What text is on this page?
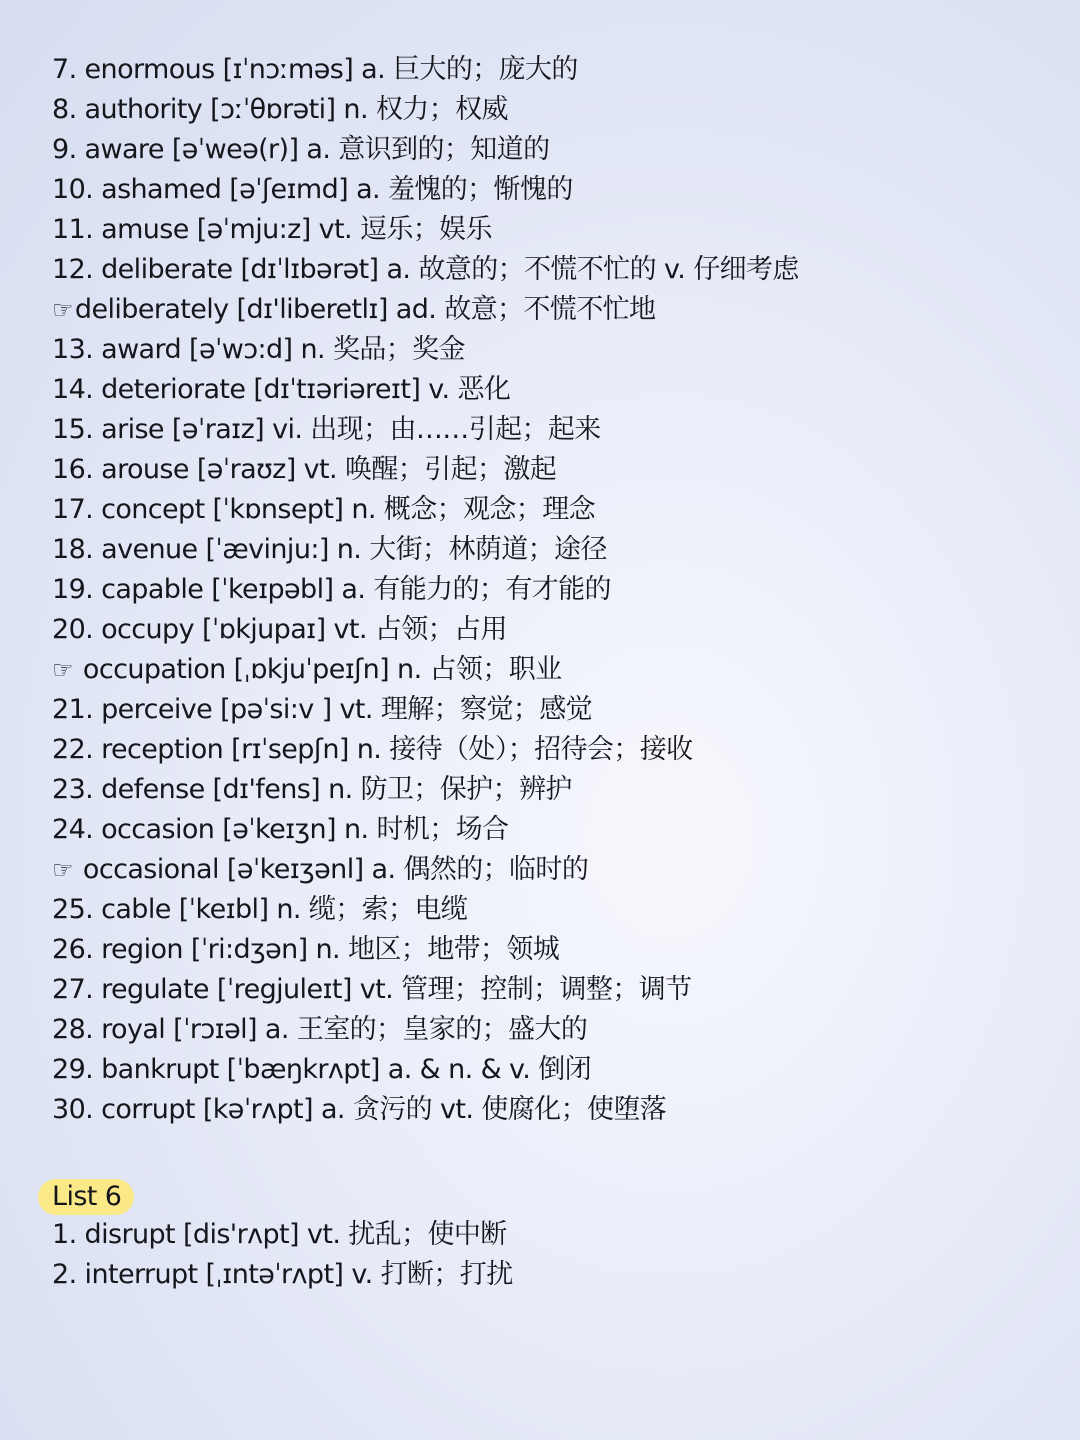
7. enormous [ɪˈnɔːməs] a. 巨大的；庞大的
8. authority [ɔːˈθɒrəti] n. 权力；权威
9. aware [əˈweə(r)] a. 意识到的；知道的
10. ashamed [əˈʃeɪmd] a. 羞愧的；惭愧的
11. amuse [əˈmju:z] vt. 逗乐；娱乐
12. deliberate [dɪˈlɪbərət] a. 故意的；不慌不忙的 v. 仔细考虑
☞deliberately [dɪ'liberetlɪ] ad. 故意；不慌不忙地
13. award [əˈwɔ:d] n. 奖品；奖金
14. deteriorate [dɪˈtɪəriəreɪt] v. 恶化
15. arise [əˈraɪz] vi. 出现；由……引起；起来
16. arouse [əˈraʊz] vt. 唤醒；引起；激起
17. concept [ˈkɒnsept] n. 概念；观念；理念
18. avenue [ˈævinju:] n. 大街；林荫道；途径
19. capable [ˈkeɪpəbl] a. 有能力的；有才能的
20. occupy [ˈɒkjupaɪ] vt. 占领；占用
☞ occupation [ˌɒkjuˈpeɪʃn] n. 占领；职业
21. perceive [pəˈsi:v ] vt. 理解；察觉；感觉
22. reception [rɪˈsepʃn] n. 接待（处）；招待会；接收
23. defense [dɪ'fens] n. 防卫；保护；辨护
24. occasion [əˈkeɪʒn] n. 时机；场合
☞ occasional [əˈkeɪʒənl] a. 偶然的；临时的
25. cable [ˈkeɪbl] n. 缆；索；电缆
26. region [ˈri:dʒən] n. 地区；地带；领城
27. regulate [ˈregjuleɪt] vt. 管理；控制；调整；调节
28. royal [ˈrɔɪəl] a. 王室的；皇家的；盛大的
29. bankrupt [ˈbæŋkrʌpt] a. & n. & v. 倒闭
30. corrupt [kəˈrʌpt] a. 贪污的 vt. 使腐化；使堕落
List 6
1. disrupt [dis'rʌpt] vt. 扰乱；使中断
2. interrupt [ˌɪntəˈrʌpt] v. 打断；打扰
